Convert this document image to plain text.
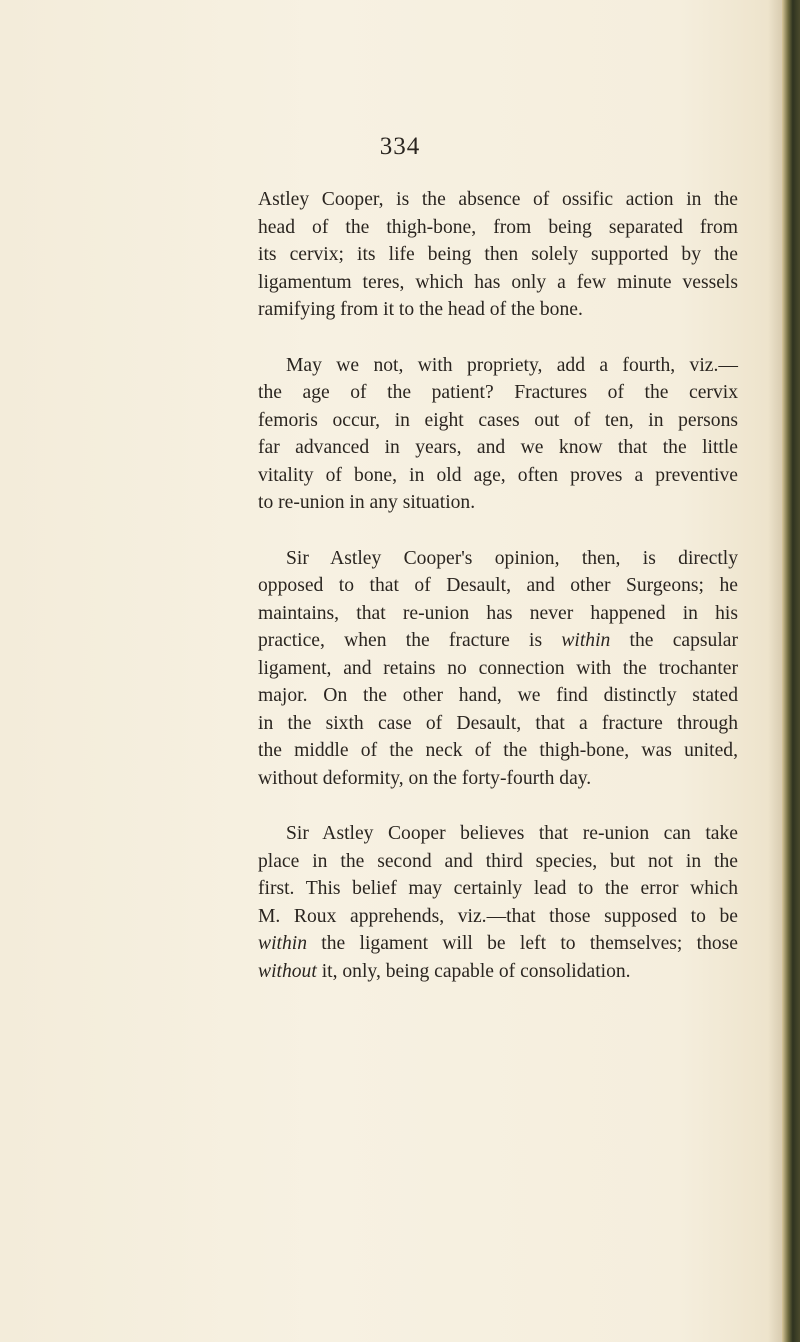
334
Astley Cooper, is the absence of ossific action in the
head of the thigh-bone, from being separated from
its cervix; its life being then solely supported by the
ligamentum teres, which has only a few minute vessels
ramifying from it to the head of the bone.
May we not, with propriety, add a fourth, viz.—
the age of the patient? Fractures of the cervix
femoris occur, in eight cases out of ten, in persons
far advanced in years, and we know that the little
vitality of bone, in old age, often proves a preventive
to re-union in any situation.
Sir Astley Cooper's opinion, then, is directly
opposed to that of Desault, and other Surgeons; he
maintains, that re-union has never happened in his
practice, when the fracture is within the capsular
ligament, and retains no connection with the trochanter
major. On the other hand, we find distinctly stated
in the sixth case of Desault, that a fracture through
the middle of the neck of the thigh-bone, was united,
without deformity, on the forty-fourth day.
Sir Astley Cooper believes that re-union can take
place in the second and third species, but not in the
first. This belief may certainly lead to the error which
M. Roux apprehends, viz.—that those supposed to be
within the ligament will be left to themselves; those
without it, only, being capable of consolidation.
